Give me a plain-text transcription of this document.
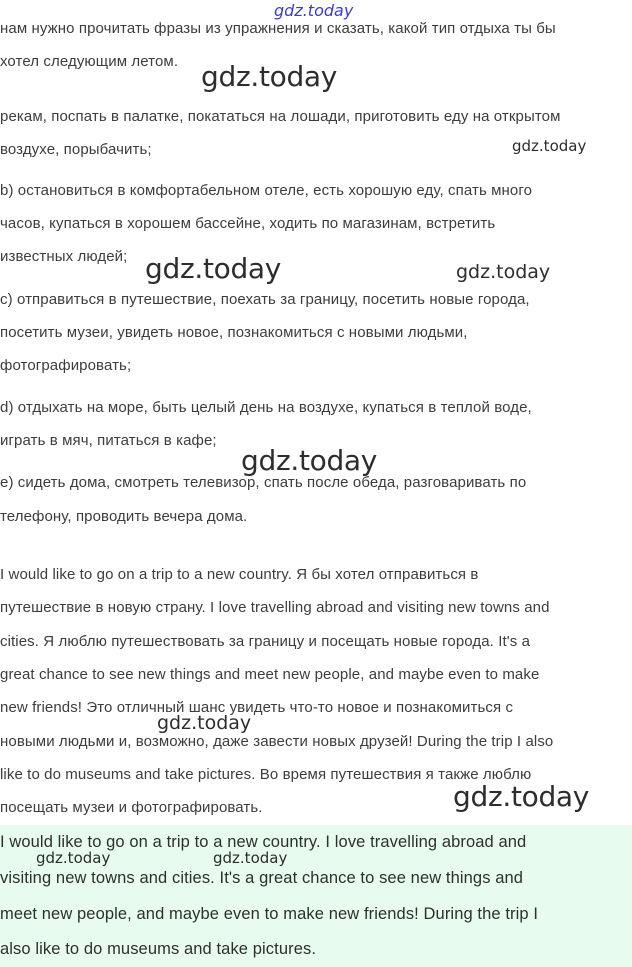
нам нужно прочитать фразы из упражнения и сказать, какой тип отдыха ты бы
хотел следующим летом.
рекам, поспать в палатке, покататься на лошади, приготовить еду на открытом
воздухе, порыбачить;
b) остановиться в комфортабельном отеле, есть хорошую еду, спать много
часов, купаться в хорошем бассейне, ходить по магазинам, встретить
известных людей;
c) отправиться в путешествие, поехать за границу, посетить новые города,
посетить музеи, увидеть новое, познакомиться с новыми людьми,
фотографировать;
d) отдыхать на море, быть целый день на воздухе, купаться в теплой воде,
играть в мяч, питаться в кафе;
e) сидеть дома, смотреть телевизор, спать после обеда, разговаривать по
телефону, проводить вечера дома.
I would like to go on a trip to a new country. Я бы хотел отправиться в
путешествие в новую страну. I love travelling abroad and visiting new towns and
cities. Я люблю путешествовать за границу и посещать новые города. It's a
great chance to see new things and meet new people, and maybe even to make
new friends! Это отличный шанс увидеть что-то новое и познакомиться с
новыми людьми и, возможно, даже завести новых друзей! During the trip I also
like to do museums and take pictures. Во время путешествия я также люблю
посещать музеи и фотографировать.
I would like to go on a trip to a new country. I love travelling abroad and
visiting new towns and cities. It's a great chance to see new things and
meet new people, and maybe even to make new friends! During the trip I
also like to do museums and take pictures.
gdz.today
gdz.today
gdz.today
gdz.today	gdz.today
gdz.today
gdz.today
gdz.today
gdz.today	gdz.today
